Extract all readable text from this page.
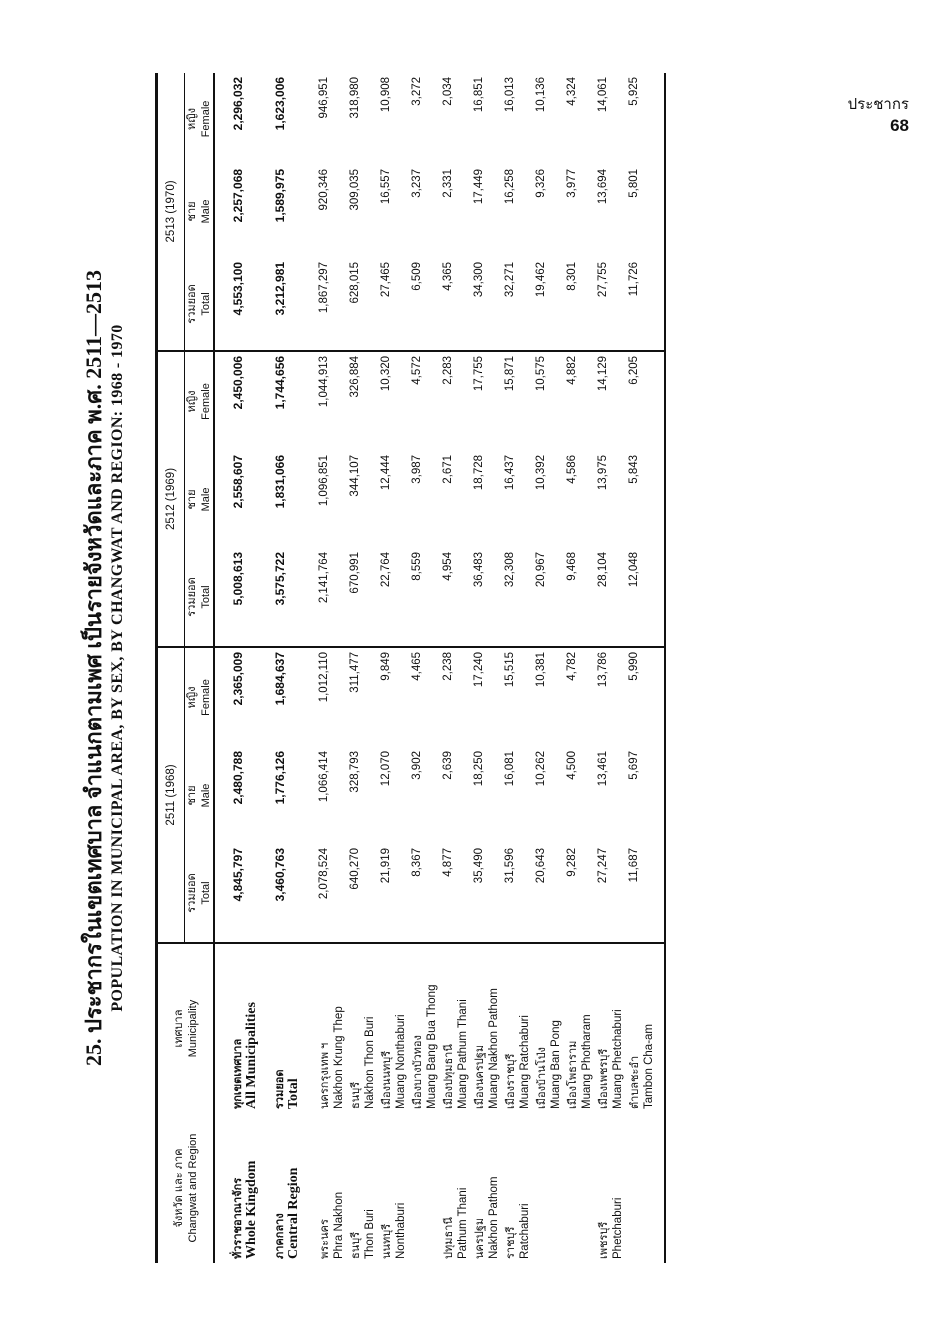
ประชากร
68
25. ประชากรในเขตเทศบาล จำแนกตามเพศ เป็นรายจังหวัดและภาค พ.ศ. 2511—2513 POPULATION IN MUNICIPAL AREA, BY SEX, BY CHANGWAT AND REGION: 1968 - 1970
จังหวัด และ ภาค Changwat and Region	เทศบาล Municipality	2511 (1968)			2512 (1969)			2513 (1970)		

		รวมยอด Total	ชาย Male	หญิง Female	รวมยอด Total	ชาย Male	หญิง Female	รวมยอด Total	ชาย Male	หญิง Female

ทั่วราชอาณาจักร Whole Kingdom	ทุกเขตเทศบาล All Municipalities	4,845,797	2,480,788	2,365,009	5,008,613	2,558,607	2,450,006	4,553,100	2,257,068	2,296,032

ภาคกลาง Central Region	รวมยอด Total	3,460,763	1,776,126	1,684,637	3,575,722	1,831,066	1,744,656	3,212,981	1,589,975	1,623,006

พระนคร Phra Nakhon	นครกรุงเทพ ฯ Nakhon Krung Thep	2,078,524	1,066,414	1,012,110	2,141,764	1,096,851	1,044,913	1,867,297	920,346	946,951

ธนบุรี Thon Buri	ธนบุรี Nakhon Thon Buri	640,270	328,793	311,477	670,991	344,107	326,884	628,015	309,035	318,980

นนทบุรี Nonthaburi	เมืองนนทบุรี Muang Nonthaburi	21,919	12,070	9,849	22,764	12,444	10,320	27,465	16,557	10,908

	เมืองบางบัวทอง Muang Bang Bua Thong	8,367	3,902	4,465	8,559	3,987	4,572	6,509	3,237	3,272

ปทุมธานี Pathum Thani	เมืองปทุมธานี Muang Pathum Thani	4,877	2,639	2,238	4,954	2,671	2,283	4,365	2,331	2,034

นครปฐม Nakhon Pathom	เมืองนครปฐม Muang Nakhon Pathom	35,490	18,250	17,240	36,483	18,728	17,755	34,300	17,449	16,851

ราชบุรี Ratchaburi	เมืองราชบุรี Muang Ratchaburi	31,596	16,081	15,515	32,308	16,437	15,871	32,271	16,258	16,013

	เมืองบ้านโป่ง Muang Ban Pong	20,643	10,262	10,381	20,967	10,392	10,575	19,462	9,326	10,136

	เมืองโพธาราม Muang Photharam	9,282	4,500	4,782	9,468	4,586	4,882	8,301	3,977	4,324

เพชรบุรี Phetchaburi	เมืองเพชรบุรี Muang Phetchaburi	27,247	13,461	13,786	28,104	13,975	14,129	27,755	13,694	14,061

	ตำบลชะอำ Tambon Cha-am	11,687	5,697	5,990	12,048	5,843	6,205	11,726	5,801	5,925
